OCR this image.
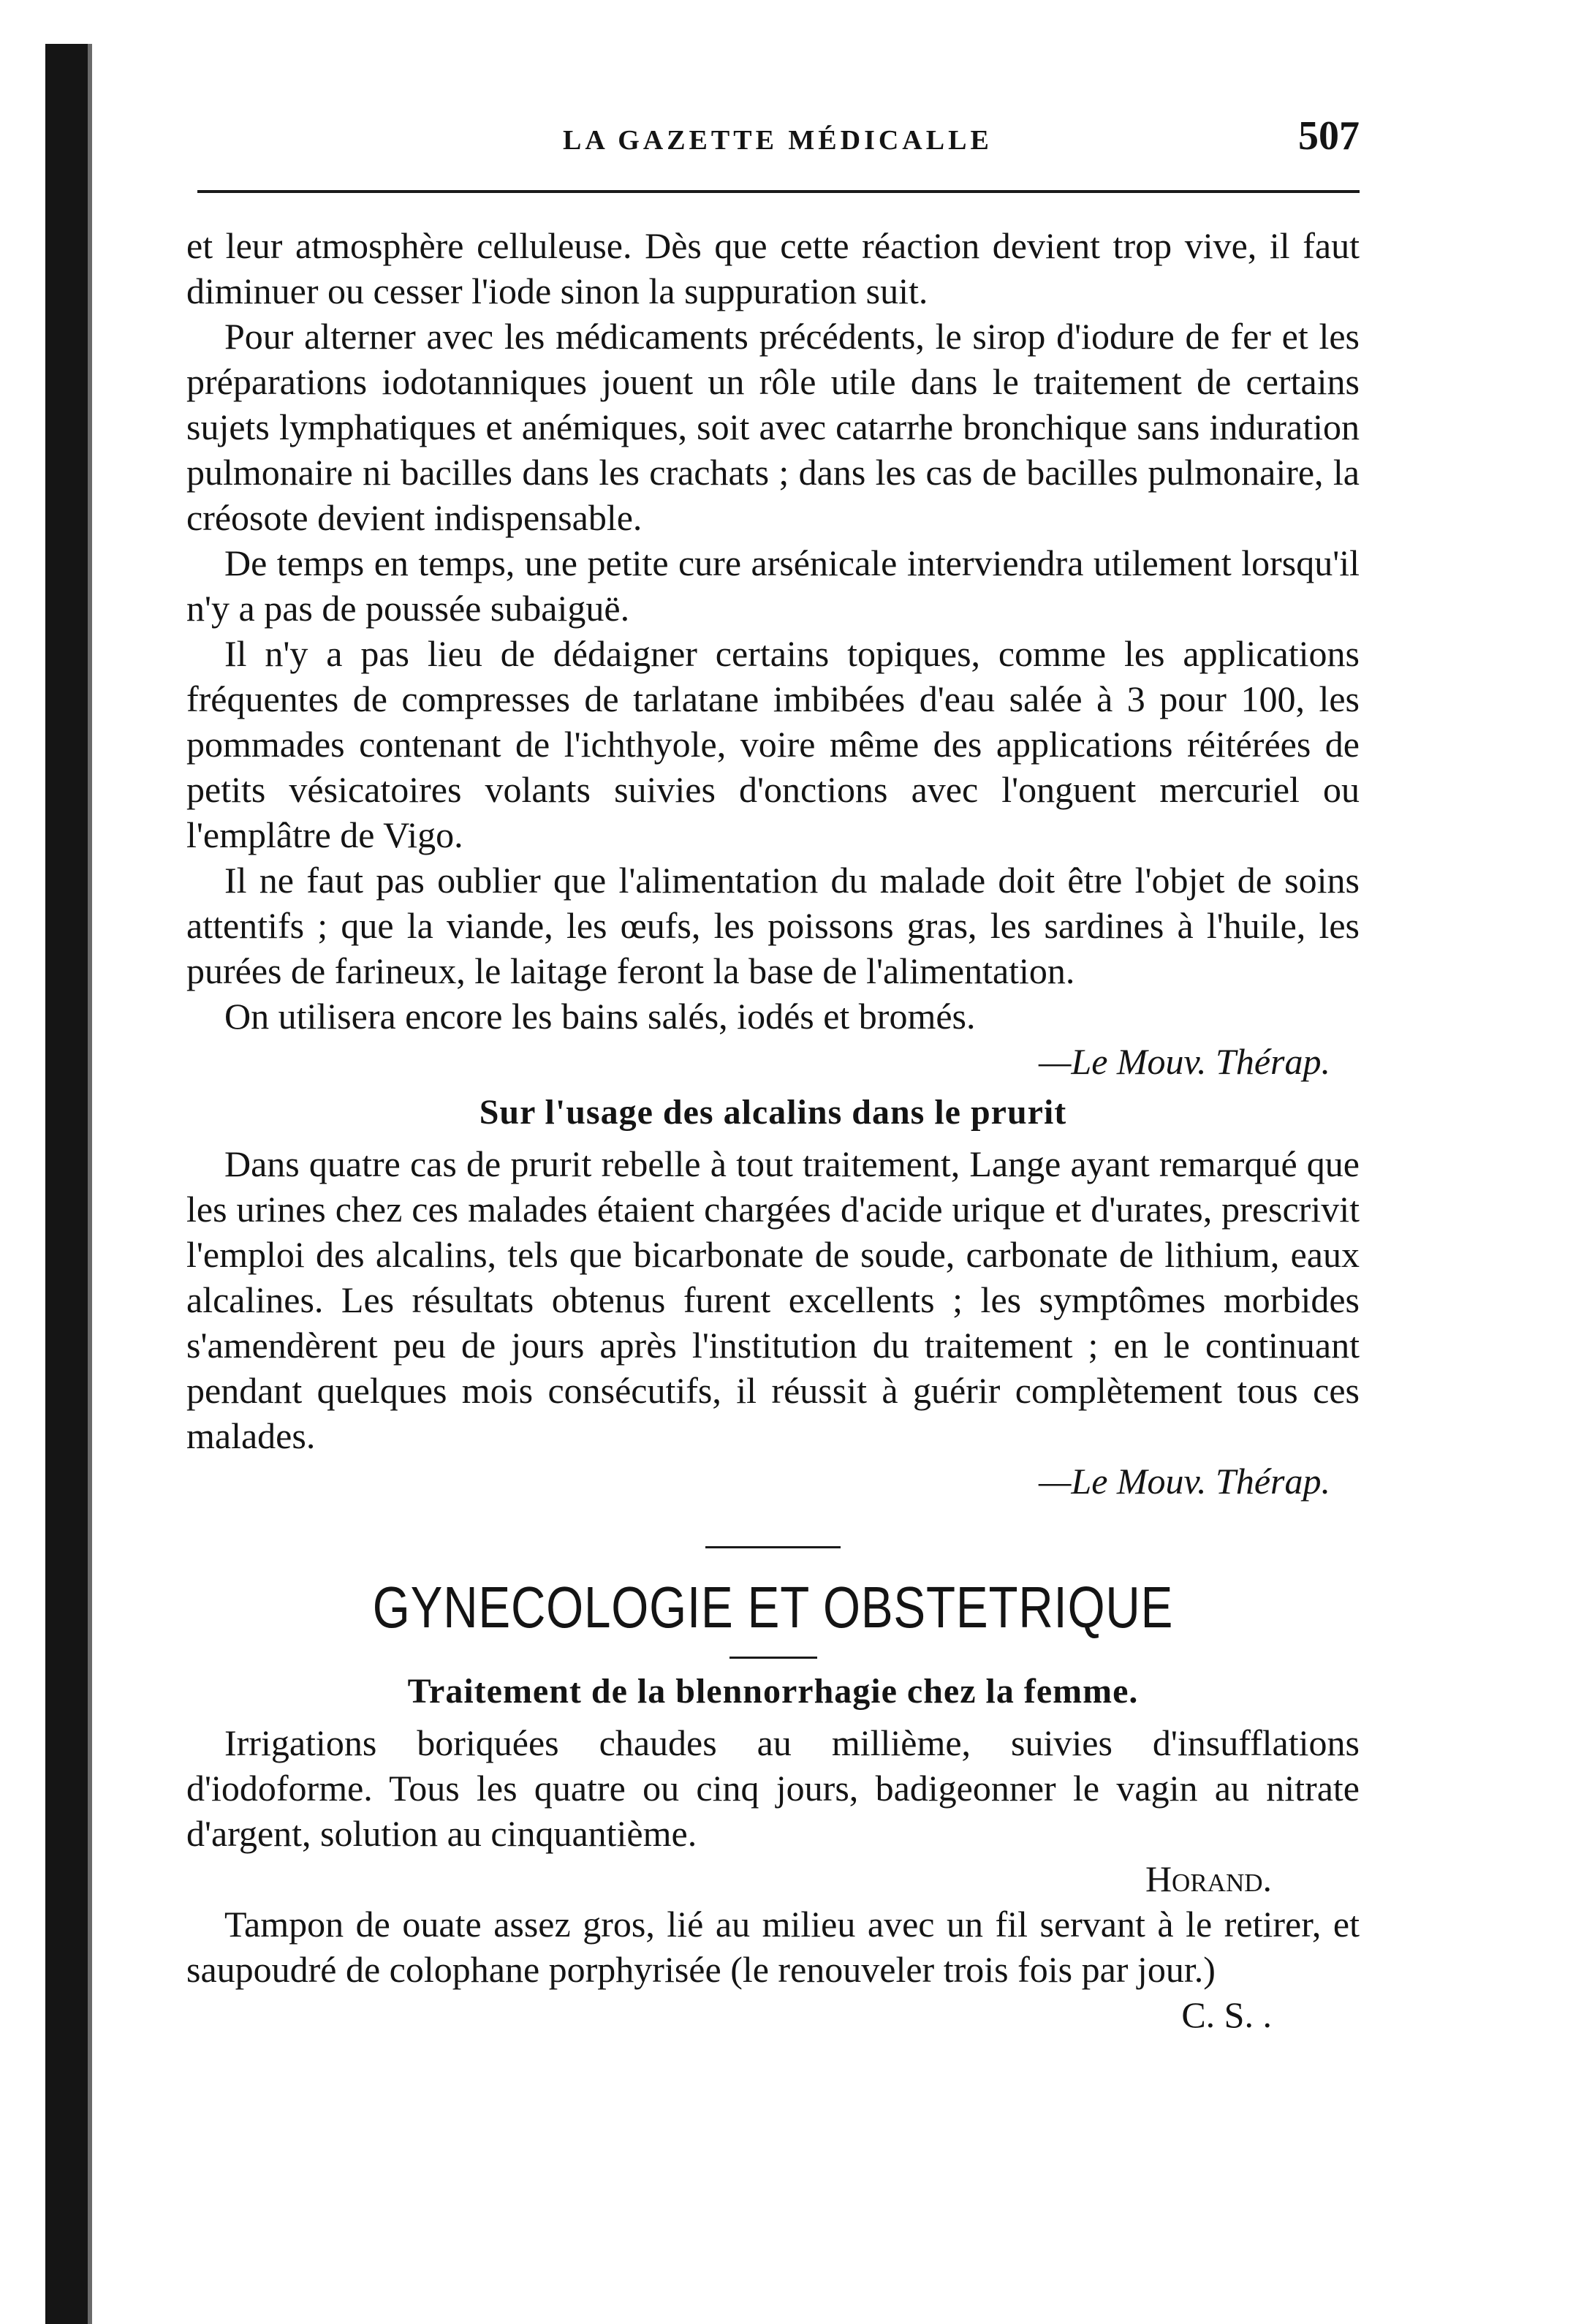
LA GAZETTE MÉDICALLE	507

et leur atmosphère celluleuse. Dès que cette réaction devient trop vive, il faut diminuer ou cesser l'iode sinon la suppuration suit.

Pour alterner avec les médicaments précédents, le sirop d'iodure de fer et les préparations iodotanniques jouent un rôle utile dans le traitement de certains sujets lymphatiques et anémiques, soit avec catarrhe bronchique sans induration pulmonaire ni bacilles dans les crachats ; dans les cas de bacilles pulmonaire, la créosote devient indispensable.

De temps en temps, une petite cure arsénicale interviendra utilement lorsqu'il n'y a pas de poussée subaiguë.

Il n'y a pas lieu de dédaigner certains topiques, comme les applications fréquentes de compresses de tarlatane imbibées d'eau salée à 3 pour 100, les pommades contenant de l'ichthyole, voire même des applications réitérées de petits vésicatoires volants suivies d'onctions avec l'onguent mercuriel ou l'emplâtre de Vigo.

Il ne faut pas oublier que l'alimentation du malade doit être l'objet de soins attentifs ; que la viande, les œufs, les poissons gras, les sardines à l'huile, les purées de farineux, le laitage feront la base de l'alimentation.

On utilisera encore les bains salés, iodés et bromés.

—Le Mouv. Thérap.
Sur l'usage des alcalins dans le prurit

Dans quatre cas de prurit rebelle à tout traitement, Lange ayant remarqué que les urines chez ces malades étaient chargées d'acide urique et d'urates, prescrivit l'emploi des alcalins, tels que bicarbonate de soude, carbonate de lithium, eaux alcalines. Les résultats obtenus furent excellents ; les symptômes morbides s'amendèrent peu de jours après l'institution du traitement ; en le continuant pendant quelques mois consécutifs, il réussit à guérir complètement tous ces malades.

—Le Mouv. Thérap.
GYNECOLOGIE ET OBSTETRIQUE
Traitement de la blennorrhagie chez la femme.

Irrigations boriquées chaudes au millième, suivies d'insufflations d'iodoforme. Tous les quatre ou cinq jours, badigeonner le vagin au nitrate d'argent, solution au cinquantième.

Horand.

Tampon de ouate assez gros, lié au milieu avec un fil servant à le retirer, et saupoudré de colophane porphyrisée (le renouveler trois fois par jour.)

C. S. .
